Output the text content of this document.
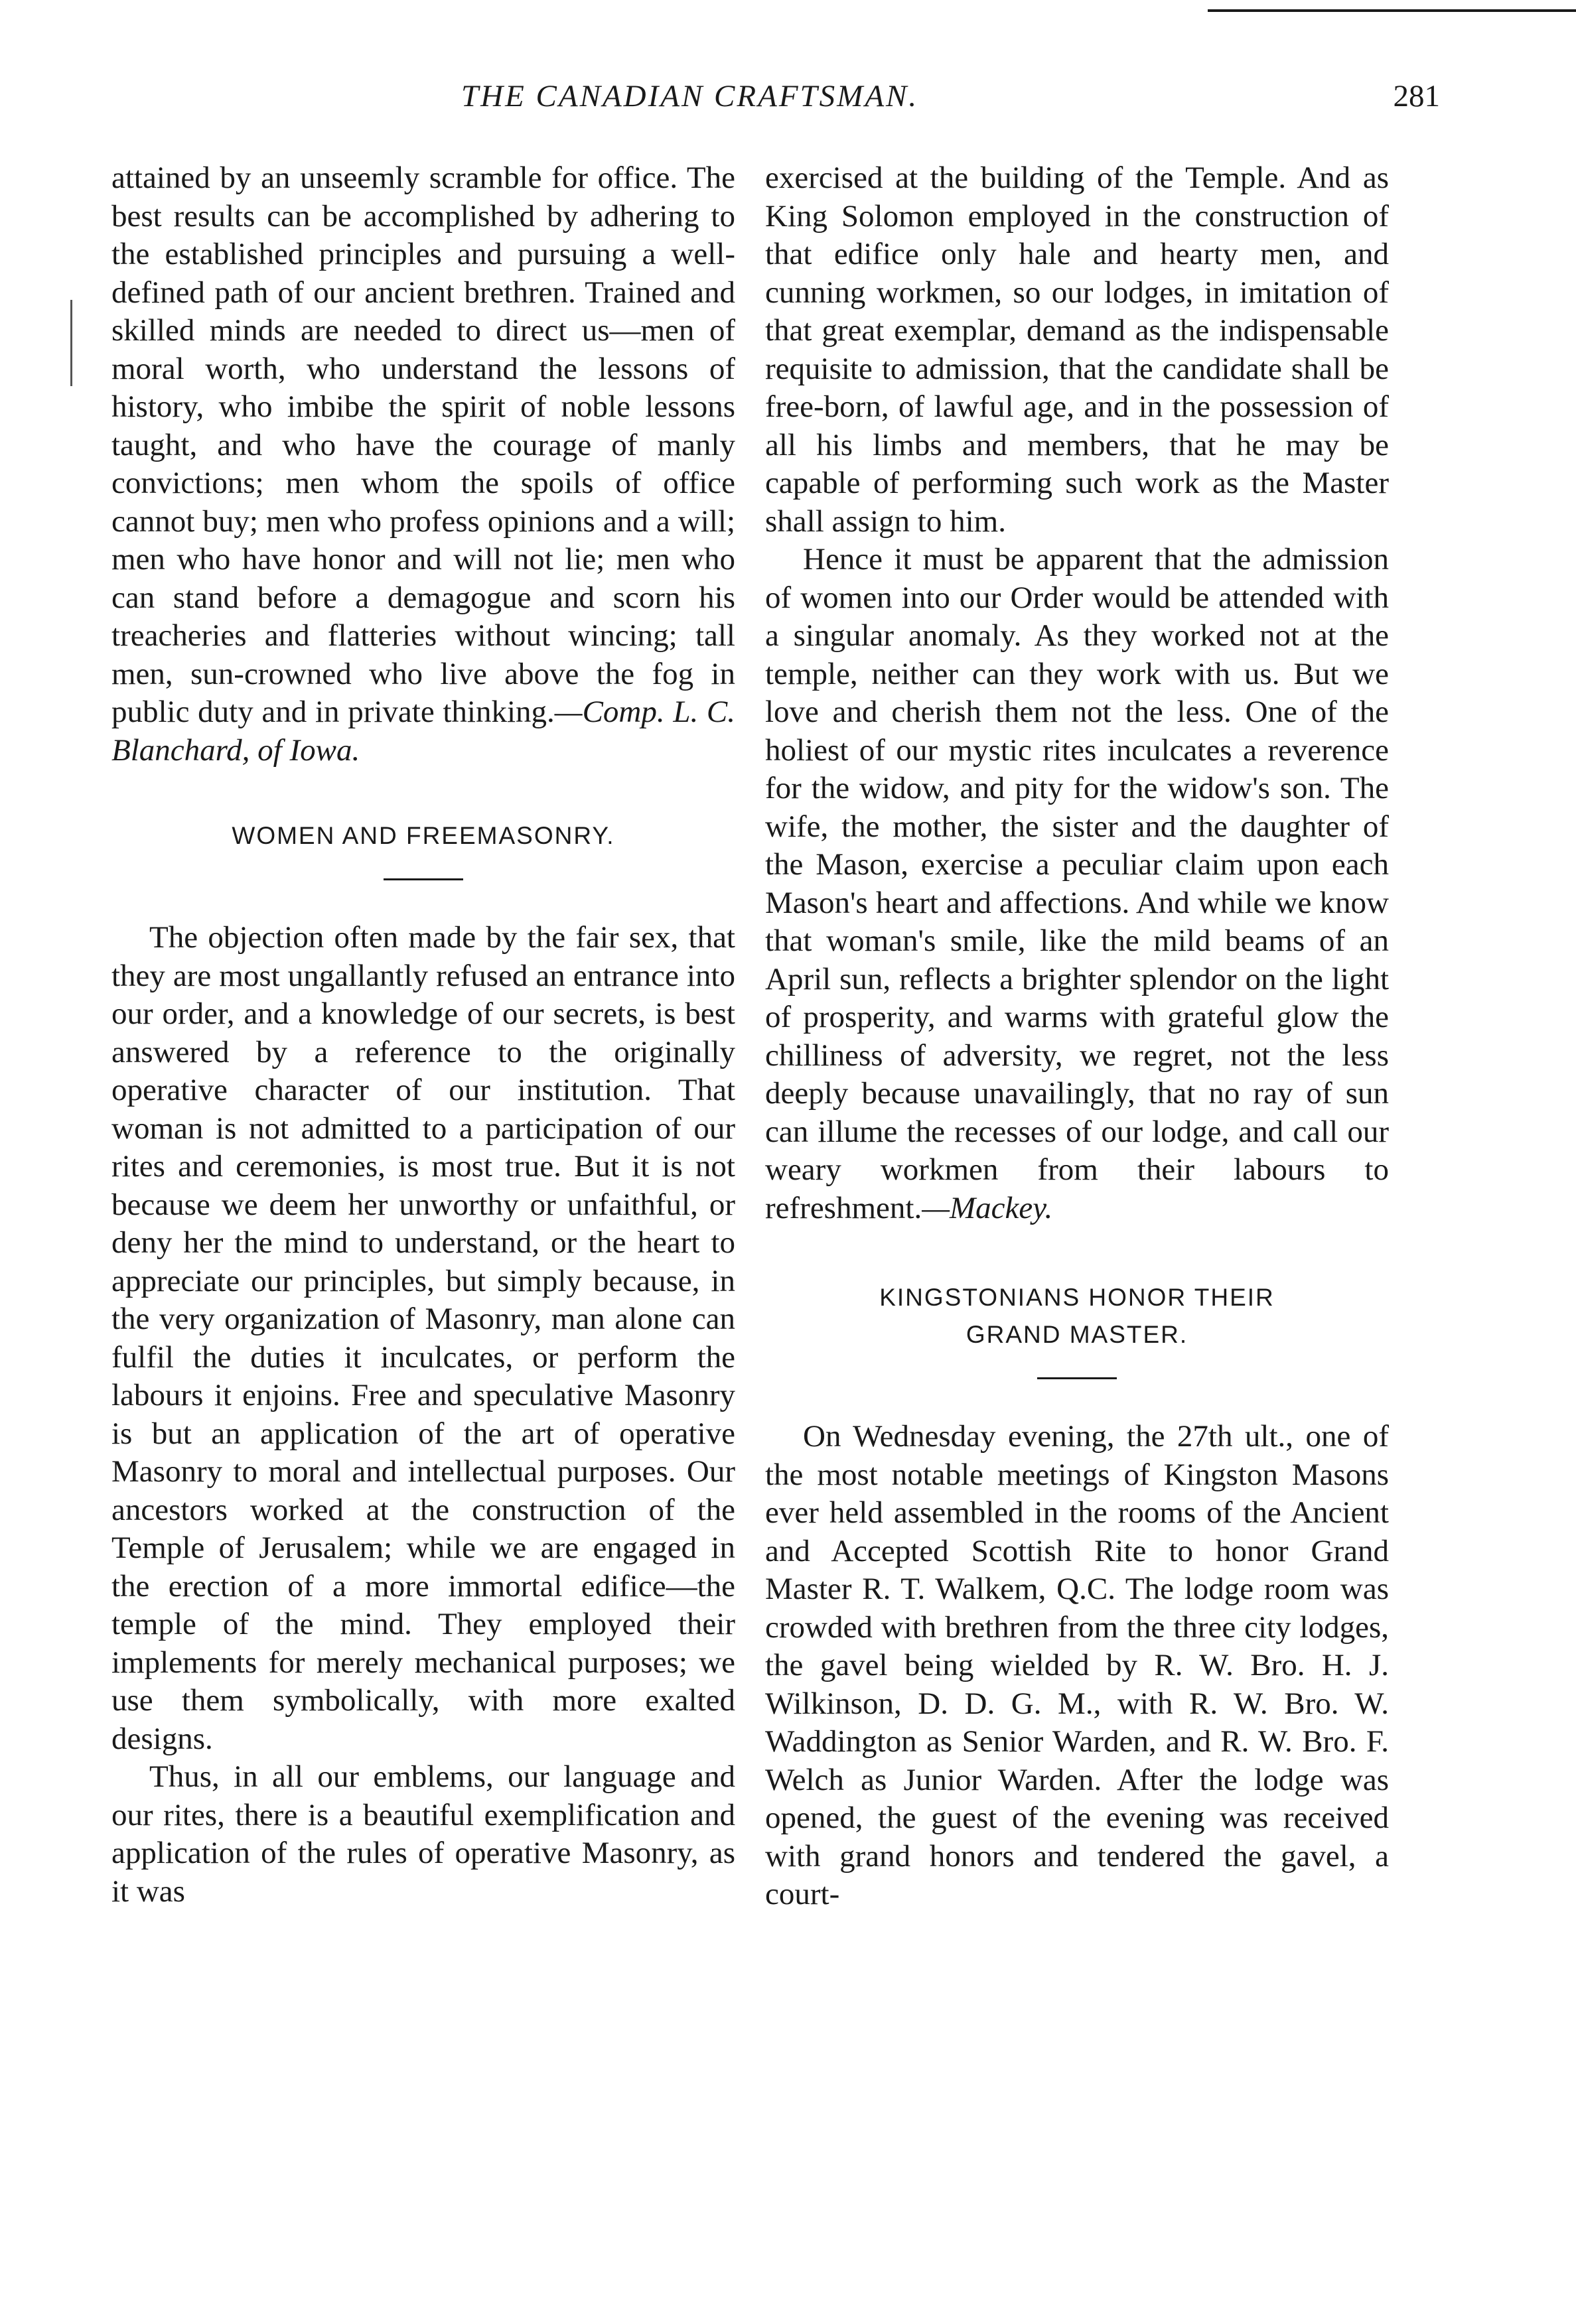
THE CANADIAN CRAFTSMAN.	281

attained by an unseemly scramble for office. The best results can be accomplished by adhering to the established principles and pursuing a well-defined path of our ancient brethren. Trained and skilled minds are needed to direct us—men of moral worth, who understand the lessons of history, who imbibe the spirit of noble lessons taught, and who have the courage of manly convictions; men whom the spoils of office cannot buy; men who profess opinions and a will; men who have honor and will not lie; men who can stand before a demagogue and scorn his treacheries and flatteries without wincing; tall men, sun-crowned who live above the fog in public duty and in private thinking.—Comp. L. C. Blanchard, of Iowa.

WOMEN AND FREEMASONRY.

The objection often made by the fair sex, that they are most ungallantly refused an entrance into our order, and a knowledge of our secrets, is best answered by a reference to the originally operative character of our institution. That woman is not admitted to a participation of our rites and ceremonies, is most true. But it is not because we deem her unworthy or unfaithful, or deny her the mind to understand, or the heart to appreciate our principles, but simply because, in the very organization of Masonry, man alone can fulfil the duties it inculcates, or perform the labours it enjoins. Free and speculative Masonry is but an application of the art of operative Masonry to moral and intellectual purposes. Our ancestors worked at the construction of the Temple of Jerusalem; while we are engaged in the erection of a more immortal edifice—the temple of the mind. They employed their implements for merely mechanical purposes; we use them symbolically, with more exalted designs.

Thus, in all our emblems, our language and our rites, there is a beautiful exemplification and application of the rules of operative Masonry, as it was

exercised at the building of the Temple. And as King Solomon employed in the construction of that edifice only hale and hearty men, and cunning workmen, so our lodges, in imitation of that great exemplar, demand as the indispensable requisite to admission, that the candidate shall be free-born, of lawful age, and in the possession of all his limbs and members, that he may be capable of performing such work as the Master shall assign to him.

Hence it must be apparent that the admission of women into our Order would be attended with a singular anomaly. As they worked not at the temple, neither can they work with us. But we love and cherish them not the less. One of the holiest of our mystic rites inculcates a reverence for the widow, and pity for the widow's son. The wife, the mother, the sister and the daughter of the Mason, exercise a peculiar claim upon each Mason's heart and affections. And while we know that woman's smile, like the mild beams of an April sun, reflects a brighter splendor on the light of prosperity, and warms with grateful glow the chilliness of adversity, we regret, not the less deeply because unavailingly, that no ray of sun can illume the recesses of our lodge, and call our weary workmen from their labours to refreshment.—Mackey.

KINGSTONIANS HONOR THEIR

GRAND MASTER.

On Wednesday evening, the 27th ult., one of the most notable meetings of Kingston Masons ever held assembled in the rooms of the Ancient and Accepted Scottish Rite to honor Grand Master R. T. Walkem, Q.C. The lodge room was crowded with brethren from the three city lodges, the gavel being wielded by R. W. Bro. H. J. Wilkinson, D. D. G. M., with R. W. Bro. W. Waddington as Senior Warden, and R. W. Bro. F. Welch as Junior Warden. After the lodge was opened, the guest of the evening was received with grand honors and tendered the gavel, a court-
